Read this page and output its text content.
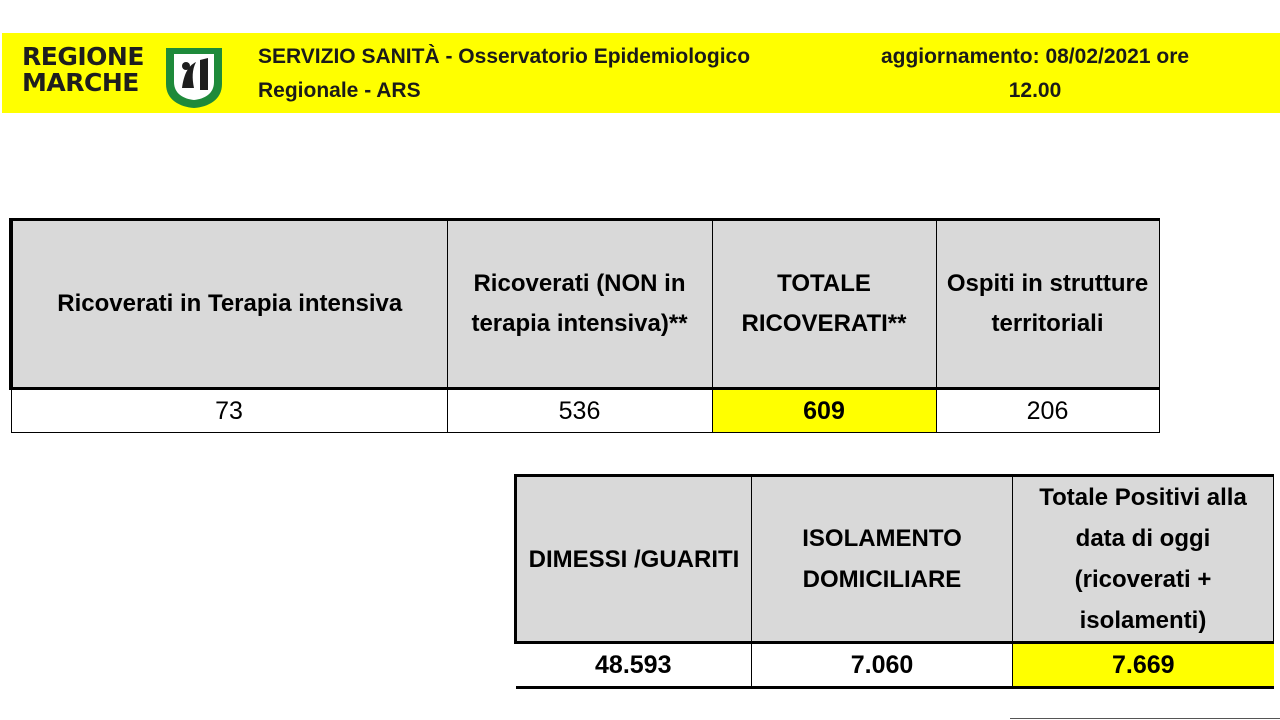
REGIONE
MARCHE
SERVIZIO SANITÀ - Osservatorio Epidemiologico
Regionale - ARS
aggiornamento: 08/02/2021 ore
12.00
Ricoverati in Terapia intensiva	Ricoverati (NON in terapia intensiva)**	TOTALE RICOVERATI**	Ospiti in strutture territoriali
73	536	609	206
DIMESSI /GUARITI	ISOLAMENTO DOMICILIARE	Totale Positivi alla data di oggi (ricoverati + isolamenti)
48.593	7.060	7.669
